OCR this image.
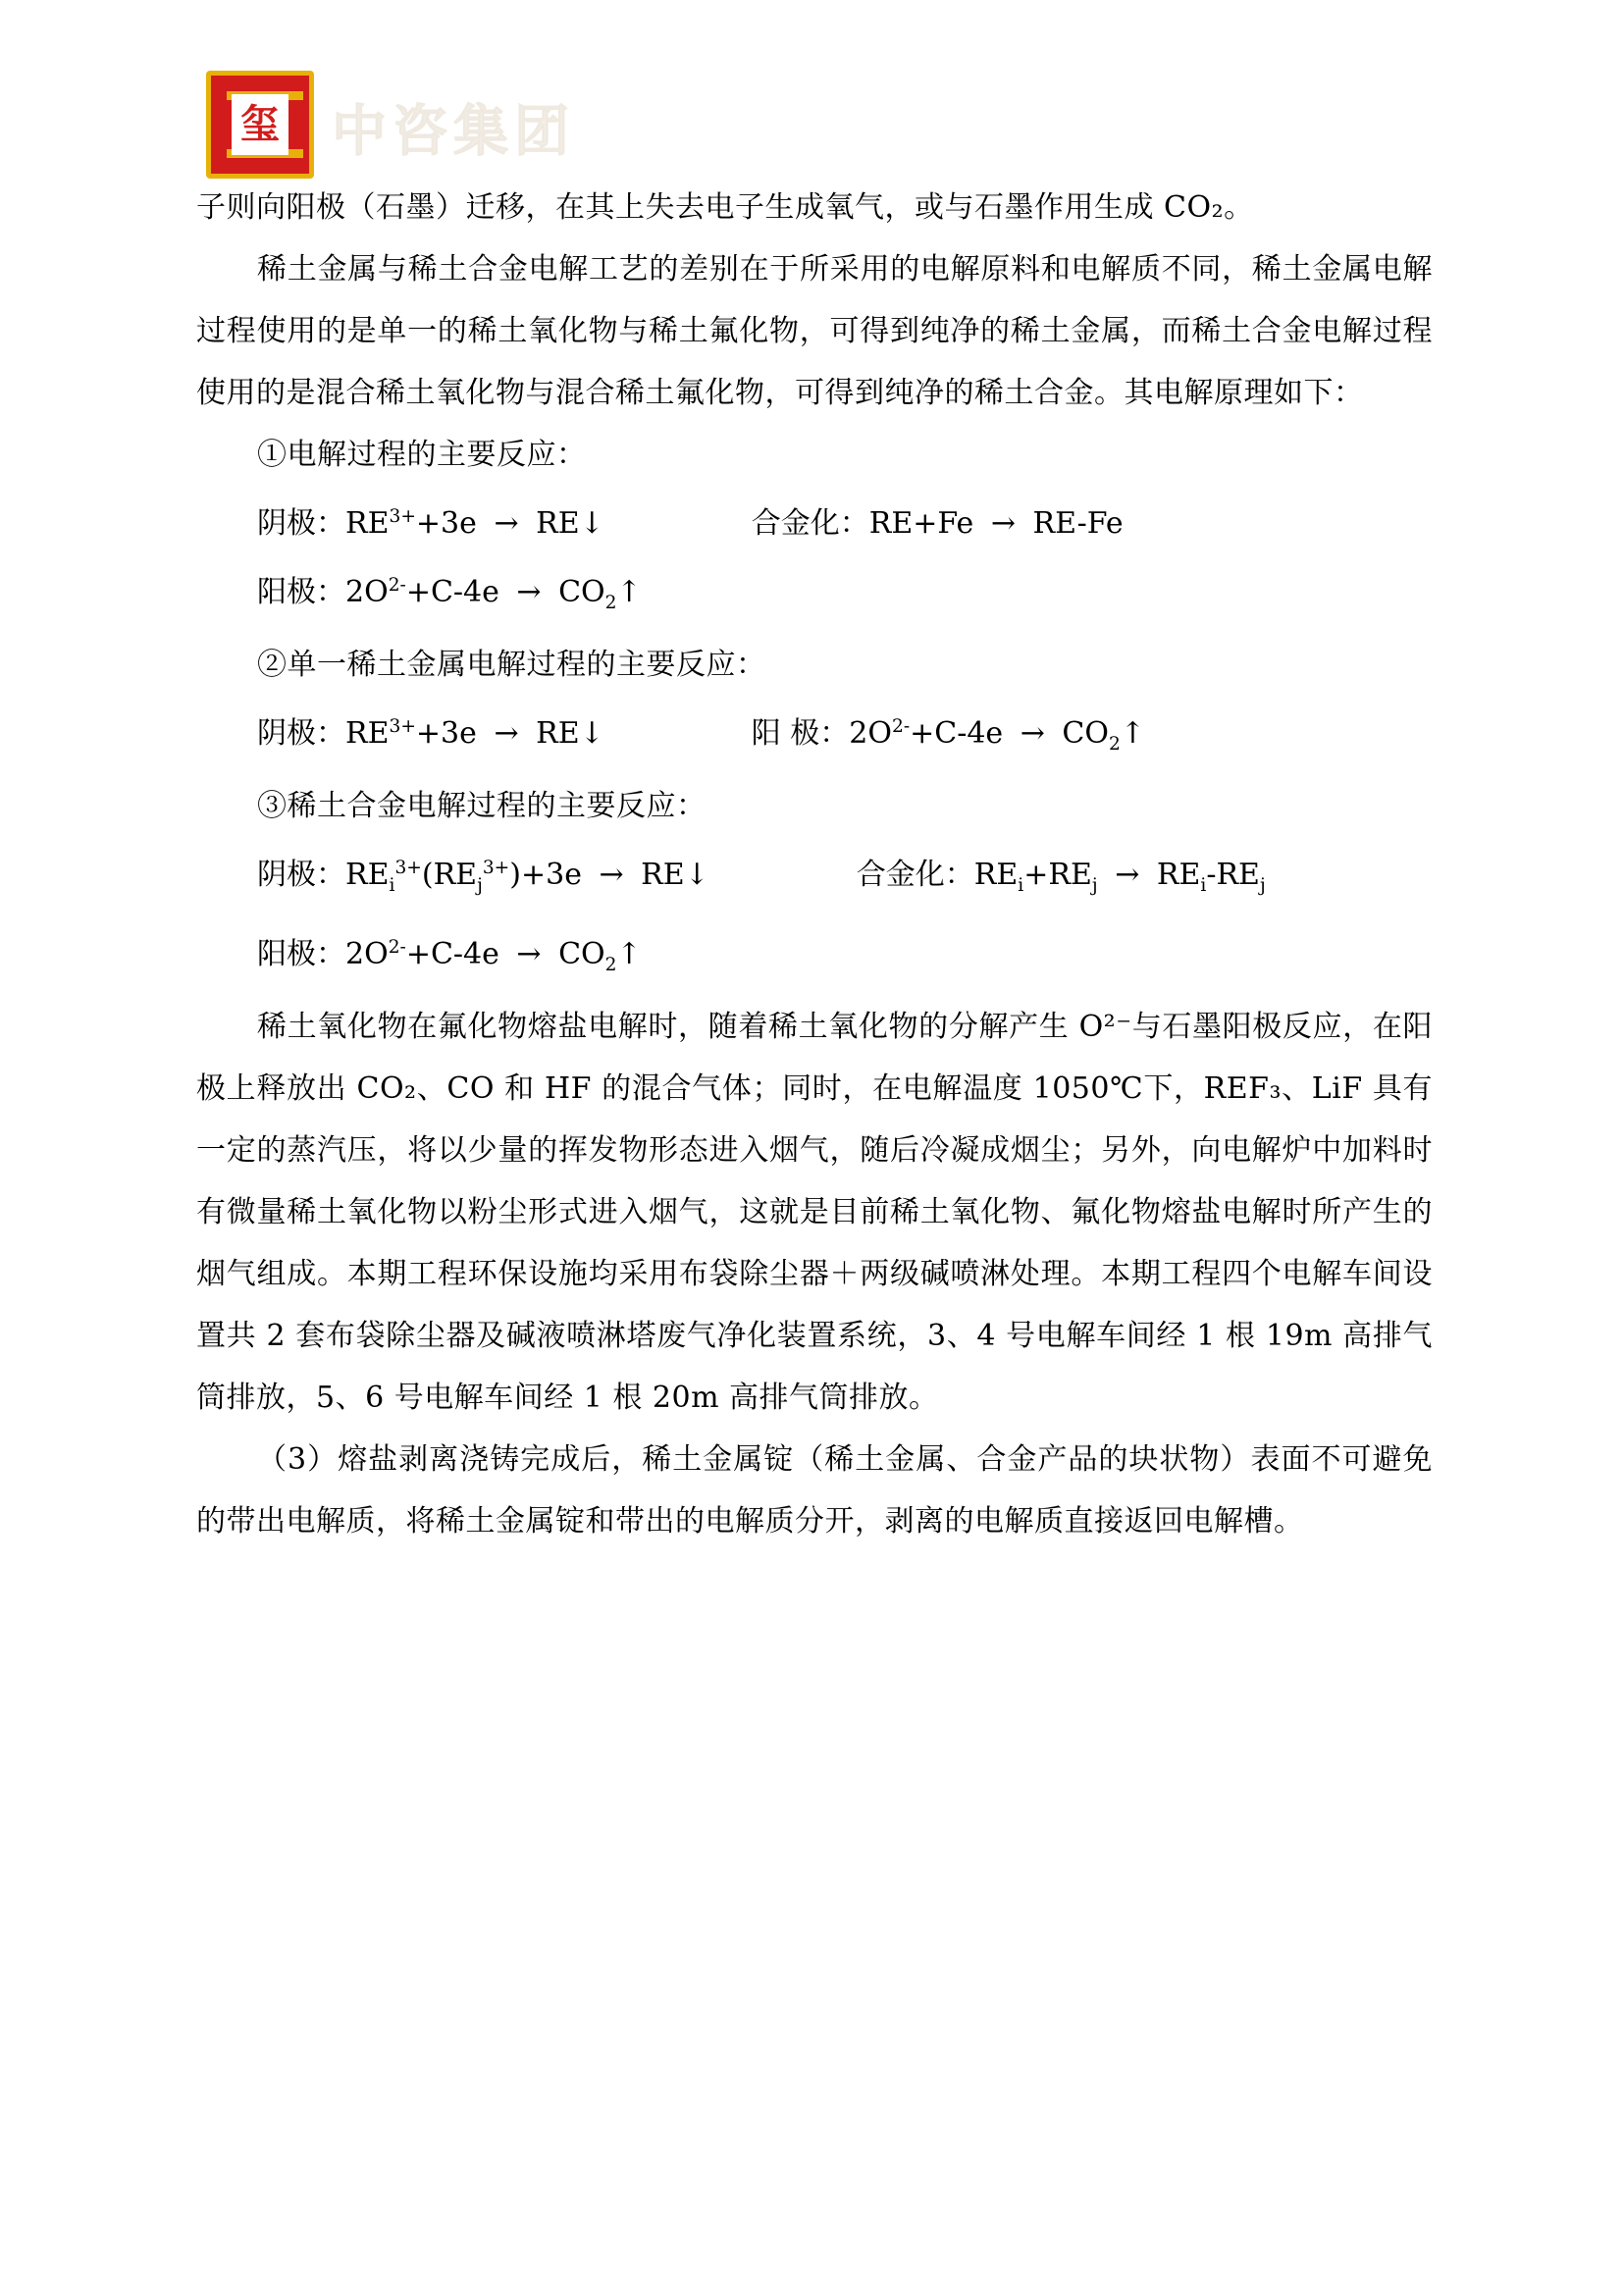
玺 中咨集团

子则向阳极（石墨）迁移，在其上失去电子生成氧气，或与石墨作用生成 CO₂。

稀土金属与稀土合金电解工艺的差别在于所采用的电解原料和电解质不同，稀土金属电解过程使用的是单一的稀土氧化物与稀土氟化物，可得到纯净的稀土金属，而稀土合金电解过程使用的是混合稀土氧化物与混合稀土氟化物，可得到纯净的稀土合金。其电解原理如下：

①电解过程的主要反应：

阴极：$RE^{3+}+3e$ → RE↓	合金化：RE+Fe → RE-Fe
阳极：$2O^{2-}+C-4e$ → $CO_2↑$

②单一稀土金属电解过程的主要反应：

阴极：$RE^{3+}+3e$ → RE↓	阳 极：$2O^{2-}+C-4e$ → $CO_2↑$

③稀土合金电解过程的主要反应：

阴极：$RE_i^{3+}(RE_j^{3+})+3e$ → RE↓	合金化：$RE_i+RE_j \to RE_i-RE_j$
阳极：$2O^{2-}+C-4e$ → $CO_2↑$

稀土氧化物在氟化物熔盐电解时，随着稀土氧化物的分解产生 O²⁻与石墨阳极反应，在阳极上释放出 CO₂、CO 和 HF 的混合气体；同时，在电解温度 1050℃下，REF₃、LiF 具有一定的蒸汽压，将以少量的挥发物形态进入烟气，随后冷凝成烟尘；另外，向电解炉中加料时有微量稀土氧化物以粉尘形式进入烟气，这就是目前稀土氧化物、氟化物熔盐电解时所产生的烟气组成。本期工程环保设施均采用布袋除尘器＋两级碱喷淋处理。本期工程四个电解车间设置共 2 套布袋除尘器及碱液喷淋塔废气净化装置系统，3、4 号电解车间经 1 根 19m 高排气筒排放，5、6 号电解车间经 1 根 20m 高排气筒排放。

（3）熔盐剥离浇铸完成后，稀土金属锭（稀土金属、合金产品的块状物）表面不可避免的带出电解质，将稀土金属锭和带出的电解质分开，剥离的电解质直接返回电解槽。
